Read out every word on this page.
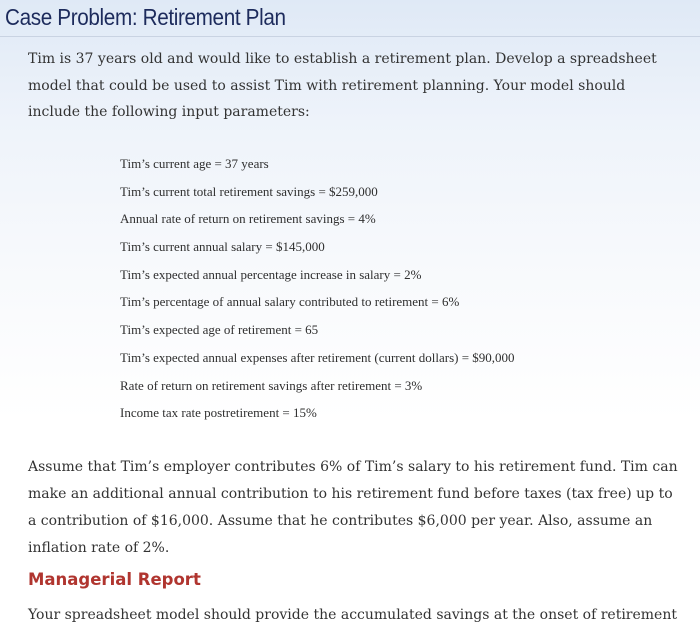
Case Problem: Retirement Plan

Tim is 37 years old and would like to establish a retirement plan. Develop a spreadsheet model that could be used to assist Tim with retirement planning. Your model should include the following input parameters:

Tim’s current age = 37 years
Tim’s current total retirement savings = $259,000
Annual rate of return on retirement savings = 4%
Tim’s current annual salary = $145,000
Tim’s expected annual percentage increase in salary = 2%
Tim’s percentage of annual salary contributed to retirement = 6%
Tim’s expected age of retirement = 65
Tim’s expected annual expenses after retirement (current dollars) = $90,000
Rate of return on retirement savings after retirement = 3%
Income tax rate postretirement = 15%

Assume that Tim’s employer contributes 6% of Tim’s salary to his retirement fund. Tim can make an additional annual contribution to his retirement fund before taxes (tax free) up to a contribution of $16,000. Assume that he contributes $6,000 per year. Also, assume an inflation rate of 2%.

Managerial Report

Your spreadsheet model should provide the accumulated savings at the onset of retirement
